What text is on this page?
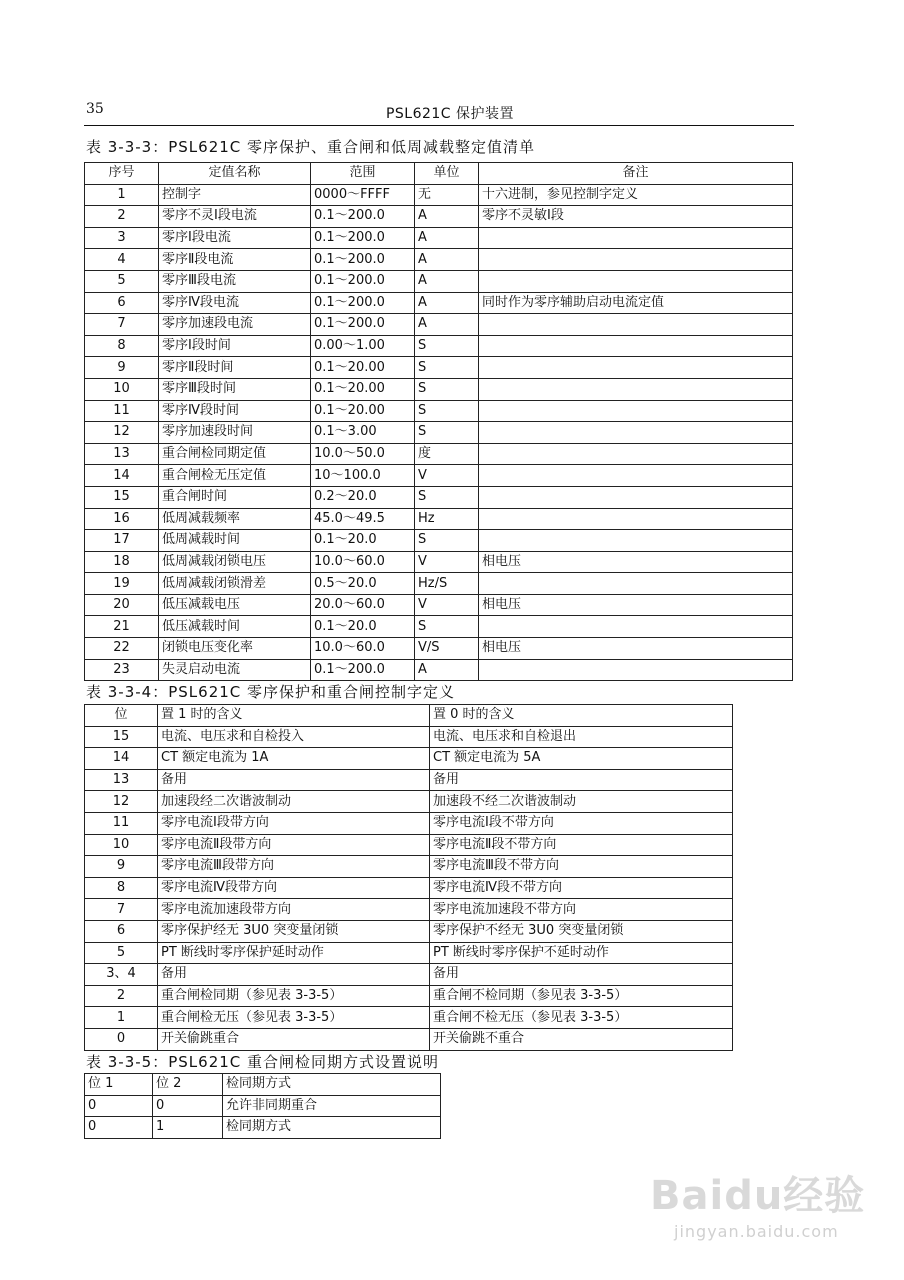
35	PSL621C 保护装置
表 3-3-3：PSL621C 零序保护、重合闸和低周减载整定值清单
序号	定值名称	范围	单位	备注
1	控制字	0000～FFFF	无	十六进制，参见控制字定义
2	零序不灵Ⅰ段电流	0.1～200.0	A	零序不灵敏Ⅰ段
3	零序Ⅰ段电流	0.1～200.0	A	
4	零序Ⅱ段电流	0.1～200.0	A	
5	零序Ⅲ段电流	0.1～200.0	A	
6	零序Ⅳ段电流	0.1～200.0	A	同时作为零序辅助启动电流定值
7	零序加速段电流	0.1～200.0	A	
8	零序Ⅰ段时间	0.00～1.00	S	
9	零序Ⅱ段时间	0.1～20.00	S	
10	零序Ⅲ段时间	0.1～20.00	S	
11	零序Ⅳ段时间	0.1～20.00	S	
12	零序加速段时间	0.1～3.00	S	
13	重合闸检同期定值	10.0～50.0	度	
14	重合闸检无压定值	10～100.0	V	
15	重合闸时间	0.2～20.0	S	
16	低周减载频率	45.0～49.5	Hz	
17	低周减载时间	0.1～20.0	S	
18	低周减载闭锁电压	10.0～60.0	V	相电压
19	低周减载闭锁滑差	0.5～20.0	Hz/S	
20	低压减载电压	20.0～60.0	V	相电压
21	低压减载时间	0.1～20.0	S	
22	闭锁电压变化率	10.0～60.0	V/S	相电压
23	失灵启动电流	0.1～200.0	A	
表 3-3-4：PSL621C 零序保护和重合闸控制字定义
位	置 1 时的含义	置 0 时的含义
15	电流、电压求和自检投入	电流、电压求和自检退出
14	CT 额定电流为 1A	CT 额定电流为 5A
13	备用	备用
12	加速段经二次谐波制动	加速段不经二次谐波制动
11	零序电流Ⅰ段带方向	零序电流Ⅰ段不带方向
10	零序电流Ⅱ段带方向	零序电流Ⅱ段不带方向
9	零序电流Ⅲ段带方向	零序电流Ⅲ段不带方向
8	零序电流Ⅳ段带方向	零序电流Ⅳ段不带方向
7	零序电流加速段带方向	零序电流加速段不带方向
6	零序保护经无 3U0 突变量闭锁	零序保护不经无 3U0 突变量闭锁
5	PT 断线时零序保护延时动作	PT 断线时零序保护不延时动作
3、4	备用	备用
2	重合闸检同期（参见表 3-3-5）	重合闸不检同期（参见表 3-3-5）
1	重合闸检无压（参见表 3-3-5）	重合闸不检无压（参见表 3-3-5）
0	开关偷跳重合	开关偷跳不重合
表 3-3-5：PSL621C 重合闸检同期方式设置说明
位 1	位 2	检同期方式
0	0	允许非同期重合
0	1	检同期方式
Baidu经验
jingyan.baidu.com
